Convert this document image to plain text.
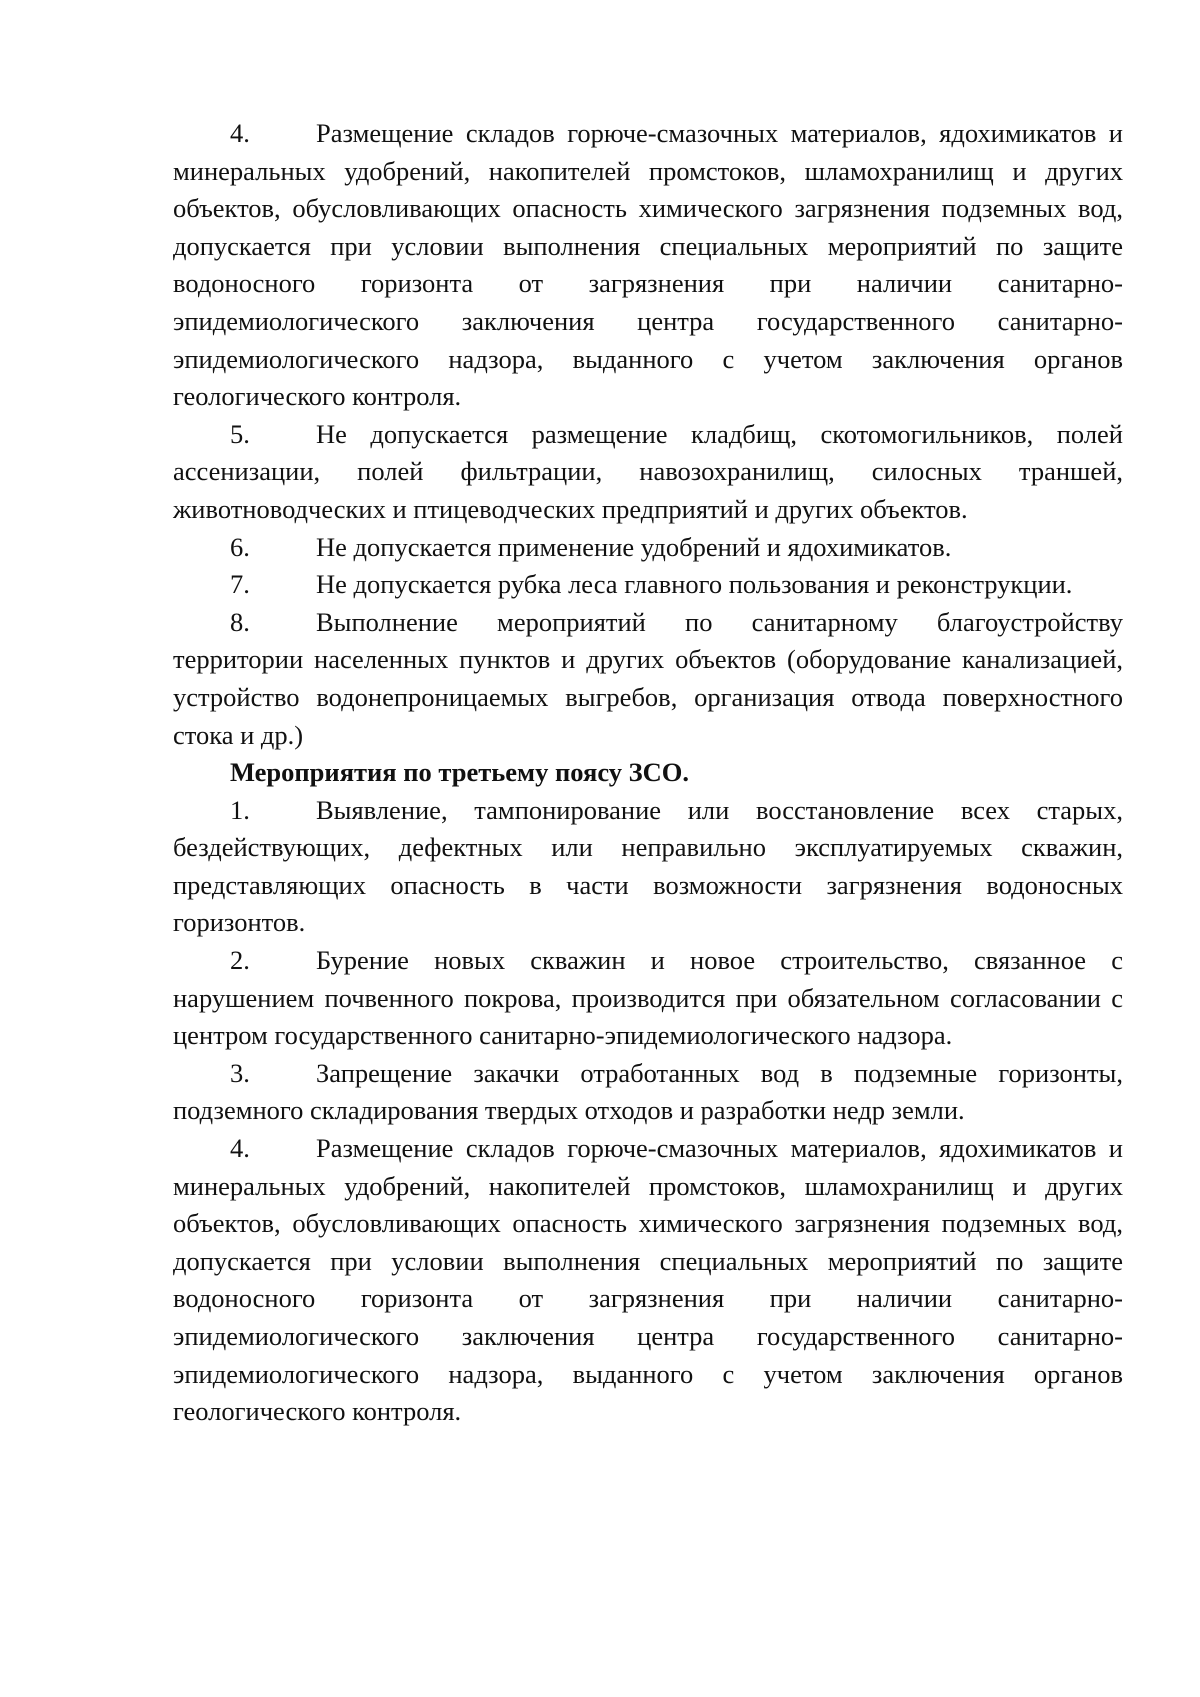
4. Размещение складов горюче-смазочных материалов, ядохимикатов и минеральных удобрений, накопителей промстоков, шламохранилищ и других объектов, обусловливающих опасность химического загрязнения подземных вод, допускается при условии выполнения специальных мероприятий по защите водоносного горизонта от загрязнения при наличии санитарно-эпидемиологического заключения центра государственного санитарно-эпидемиологического надзора, выданного с учетом заключения органов геологического контроля.

5. Не допускается размещение кладбищ, скотомогильников, полей ассенизации, полей фильтрации, навозохранилищ, силосных траншей, животноводческих и птицеводческих предприятий и других объектов.

6. Не допускается применение удобрений и ядохимикатов.

7. Не допускается рубка леса главного пользования и реконструкции.

8. Выполнение мероприятий по санитарному благоустройству территории населенных пунктов и других объектов (оборудование канализацией, устройство водонепроницаемых выгребов, организация отвода поверхностного стока и др.)

Мероприятия по третьему поясу ЗСО.

1. Выявление, тампонирование или восстановление всех старых, бездействующих, дефектных или неправильно эксплуатируемых скважин, представляющих опасность в части возможности загрязнения водоносных горизонтов.

2. Бурение новых скважин и новое строительство, связанное с нарушением почвенного покрова, производится при обязательном согласовании с центром государственного санитарно-эпидемиологического надзора.

3. Запрещение закачки отработанных вод в подземные горизонты, подземного складирования твердых отходов и разработки недр земли.

4. Размещение складов горюче-смазочных материалов, ядохимикатов и минеральных удобрений, накопителей промстоков, шламохранилищ и других объектов, обусловливающих опасность химического загрязнения подземных вод, допускается при условии выполнения специальных мероприятий по защите водоносного горизонта от загрязнения при наличии санитарно-эпидемиологического заключения центра государственного санитарно-эпидемиологического надзора, выданного с учетом заключения органов геологического контроля.
